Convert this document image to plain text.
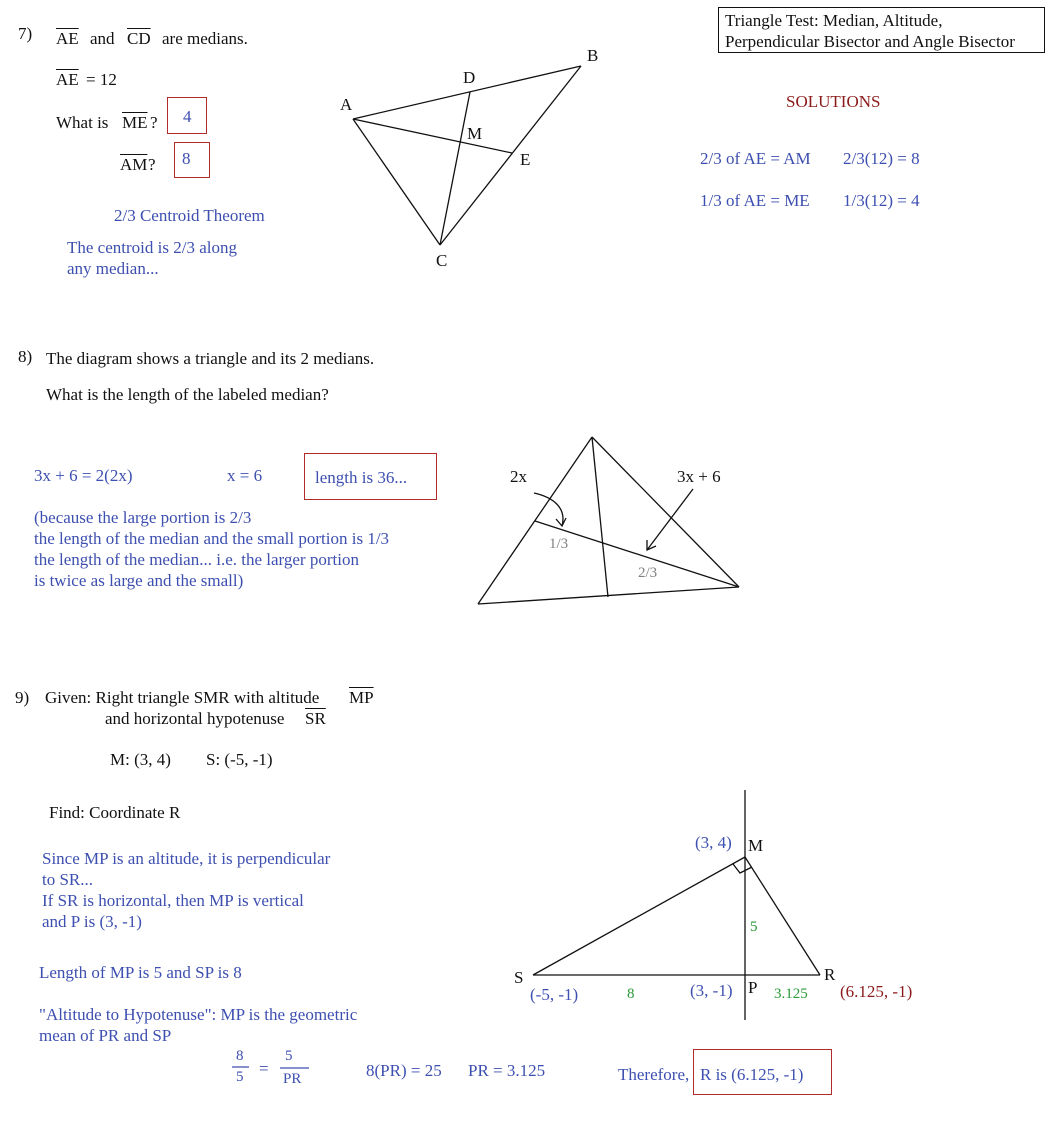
Triangle Test: Median, Altitude,
Perpendicular Bisector and Angle Bisector
SOLUTIONS
7) $\overline{AE}$ and $\overline{CD}$ are medians.
$\overline{AE} = 12$
What is $\overline{ME}$ ? 4
$\overline{AM}$ ? 8
2/3 Centroid Theorem
The centroid is 2/3 along
any median...
2/3 of AE = AM 2/3(12) = 8
1/3 of AE = ME 1/3(12) = 4
8) The diagram shows a triangle and its 2 medians.
What is the length of the labeled median?
3x + 6 = 2(2x)	x = 6	length is 36...
(because the large portion is 2/3
the length of the median and the small portion is 1/3
the length of the median... i.e. the larger portion
is twice as large and the small)
9) Given: Right triangle SMR with altitude $\overline{MP}$
and horizontal hypotenuse $\overline{SR}$
M: (3, 4) S: (-5, -1)
Find: Coordinate R
Since MP is an altitude, it is perpendicular
to SR...
If SR is horizontal, then MP is vertical
and P is (3, -1)
Length of MP is 5 and SP is 8
"Altitude to Hypotenuse": MP is the geometric
mean of PR and SP
8
5 =
5
PR	8(PR) = 25 PR = 3.125	Therefore, R is (6.125, -1)
A
B
C
D
E
M
2x	3x + 6
1/3
2/3
(3, 4) M
5
S	R
P
(-5, -1)	8	(3, -1)	3.125 (6.125, -1)
